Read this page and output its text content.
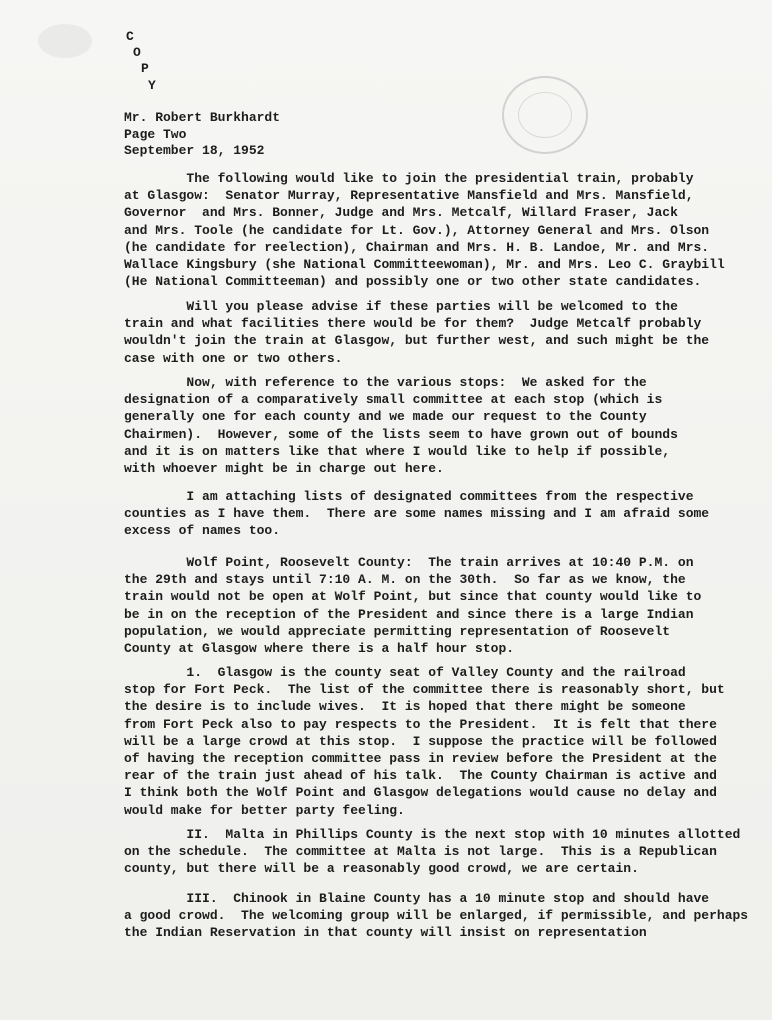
C
O
P
Y
Mr. Robert Burkhardt
Page Two
September 18, 1952
The following would like to join the presidential train, probably
at Glasgow:  Senator Murray, Representative Mansfield and Mrs. Mansfield,
Governor  and Mrs. Bonner, Judge and Mrs. Metcalf, Willard Fraser, Jack
and Mrs. Toole (he candidate for Lt. Gov.), Attorney General and Mrs. Olson
(he candidate for reelection), Chairman and Mrs. H. B. Landoe, Mr. and Mrs.
Wallace Kingsbury (she National Committeewoman), Mr. and Mrs. Leo C. Graybill
(He National Committeeman) and possibly one or two other state candidates.
Will you please advise if these parties will be welcomed to the
train and what facilities there would be for them?  Judge Metcalf probably
wouldn't join the train at Glasgow, but further west, and such might be the
case with one or two others.
Now, with reference to the various stops:  We asked for the
designation of a comparatively small committee at each stop (which is
generally one for each county and we made our request to the County
Chairmen).  However, some of the lists seem to have grown out of bounds
and it is on matters like that where I would like to help if possible,
with whoever might be in charge out here.
I am attaching lists of designated committees from the respective
counties as I have them.  There are some names missing and I am afraid some
excess of names too.
Wolf Point, Roosevelt County:  The train arrives at 10:40 P.M. on
the 29th and stays until 7:10 A. M. on the 30th.  So far as we know, the
train would not be open at Wolf Point, but since that county would like to
be in on the reception of the President and since there is a large Indian
population, we would appreciate permitting representation of Roosevelt
County at Glasgow where there is a half hour stop.
1.  Glasgow is the county seat of Valley County and the railroad
stop for Fort Peck.  The list of the committee there is reasonably short, but
the desire is to include wives.  It is hoped that there might be someone
from Fort Peck also to pay respects to the President.  It is felt that there
will be a large crowd at this stop.  I suppose the practice will be followed
of having the reception committee pass in review before the President at the
rear of the train just ahead of his talk.  The County Chairman is active and
I think both the Wolf Point and Glasgow delegations would cause no delay and
would make for better party feeling.
II.  Malta in Phillips County is the next stop with 10 minutes allotted
on the schedule.  The committee at Malta is not large.  This is a Republican
county, but there will be a reasonably good crowd, we are certain.
III.  Chinook in Blaine County has a 10 minute stop and should have
a good crowd.  The welcoming group will be enlarged, if permissible, and perhaps
the Indian Reservation in that county will insist on representation
